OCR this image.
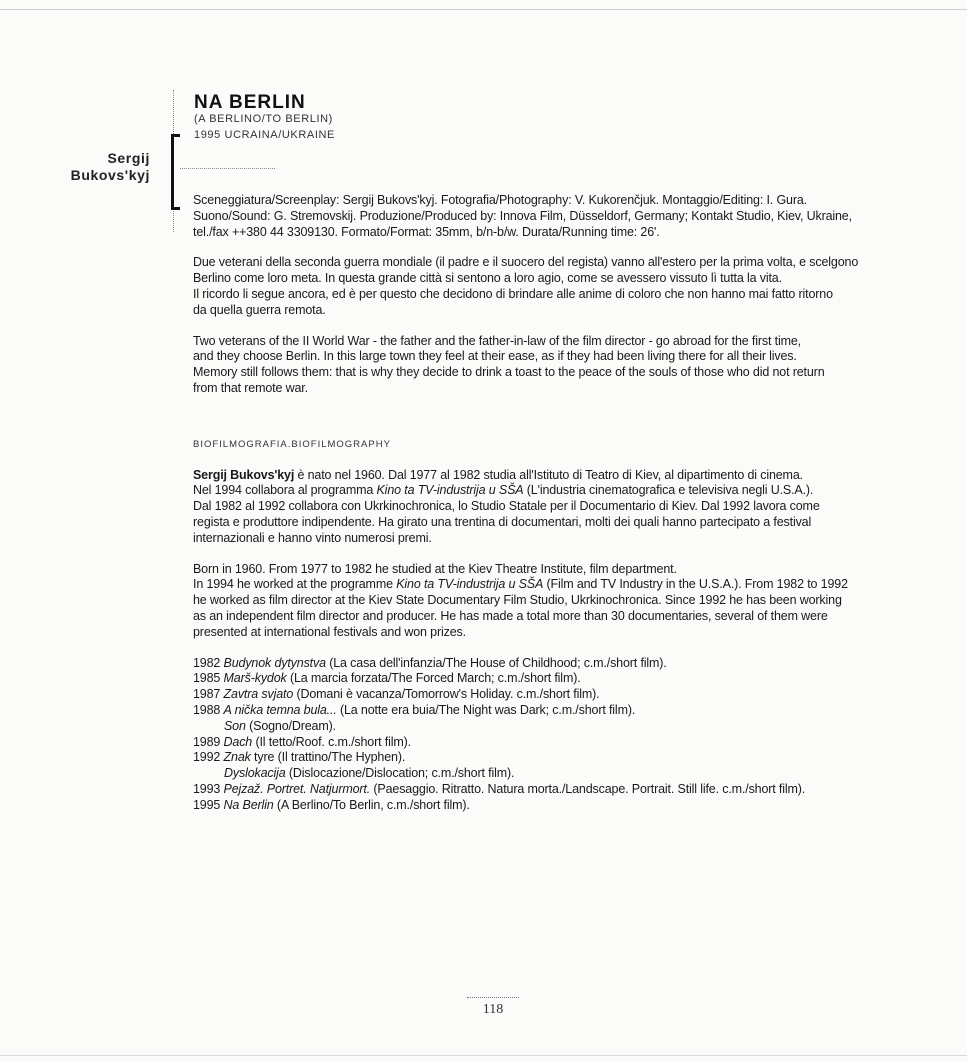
Sergij
Bukovs'kyj
NA BERLIN

(A BERLINO/TO BERLIN)

1995 UCRAINA/UKRAINE

Sceneggiatura/Screenplay: Sergij Bukovs'kyj. Fotografia/Photography: V. Kukorenčjuk. Montaggio/Editing: I. Gura.

Suono/Sound: G. Stremovskij. Produzione/Produced by: Innova Film, Düsseldorf, Germany; Kontakt Studio, Kiev, Ukraine,

tel./fax ++380 44 3309130. Formato/Format: 35mm, b/n-b/w. Durata/Running time: 26'.

Due veterani della seconda guerra mondiale (il padre e il suocero del regista) vanno all'estero per la prima volta, e scelgono

Berlino come loro meta. In questa grande città si sentono a loro agio, come se avessero vissuto lì tutta la vita.

Il ricordo li segue ancora, ed è per questo che decidono di brindare alle anime di coloro che non hanno mai fatto ritorno

da quella guerra remota.

Two veterans of the II World War - the father and the father-in-law of the film director - go abroad for the first time,

and they choose Berlin. In this large town they feel at their ease, as if they had been living there for all their lives.

Memory still follows them: that is why they decide to drink a toast to the peace of the souls of those who did not return

from that remote war.

BIOFILMOGRAFIA.BIOFILMOGRAPHY

Sergij Bukovs'kyj è nato nel 1960. Dal 1977 al 1982 studia all'Istituto di Teatro di Kiev, al dipartimento di cinema.

Nel 1994 collabora al programma Kino ta TV-industrija u SŠA (L'industria cinematografica e televisiva negli U.S.A.).

Dal 1982 al 1992 collabora con Ukrkinochronica, lo Studio Statale per il Documentario di Kiev. Dal 1992 lavora come

regista e produttore indipendente. Ha girato una trentina di documentari, molti dei quali hanno partecipato a festival

internazionali e hanno vinto numerosi premi.

Born in 1960. From 1977 to 1982 he studied at the Kiev Theatre Institute, film department.

In 1994 he worked at the programme Kino ta TV-industrija u SŠA (Film and TV Industry in the U.S.A.). From 1982 to 1992

he worked as film director at the Kiev State Documentary Film Studio, Ukrkinochronica. Since 1992 he has been working

as an independent film director and producer. He has made a total more than 30 documentaries, several of them were

presented at international festivals and won prizes.

1982 Budynok dytynstva (La casa dell'infanzia/The House of Childhood; c.m./short film).

1985 Marš-kydok (La marcia forzata/The Forced March; c.m./short film).

1987 Zavtra svjato (Domani è vacanza/Tomorrow's Holiday. c.m./short film).

1988 A nička temna bula... (La notte era buia/The Night was Dark; c.m./short film).

Son (Sogno/Dream).

1989 Dach (Il tetto/Roof. c.m./short film).

1992 Znak tyre (Il trattino/The Hyphen).

Dyslokacija (Dislocazione/Dislocation; c.m./short film).

1993 Pejzaž. Portret. Natjurmort. (Paesaggio. Ritratto. Natura morta./Landscape. Portrait. Still life. c.m./short film).

1995 Na Berlin (A Berlino/To Berlin, c.m./short film).

118
